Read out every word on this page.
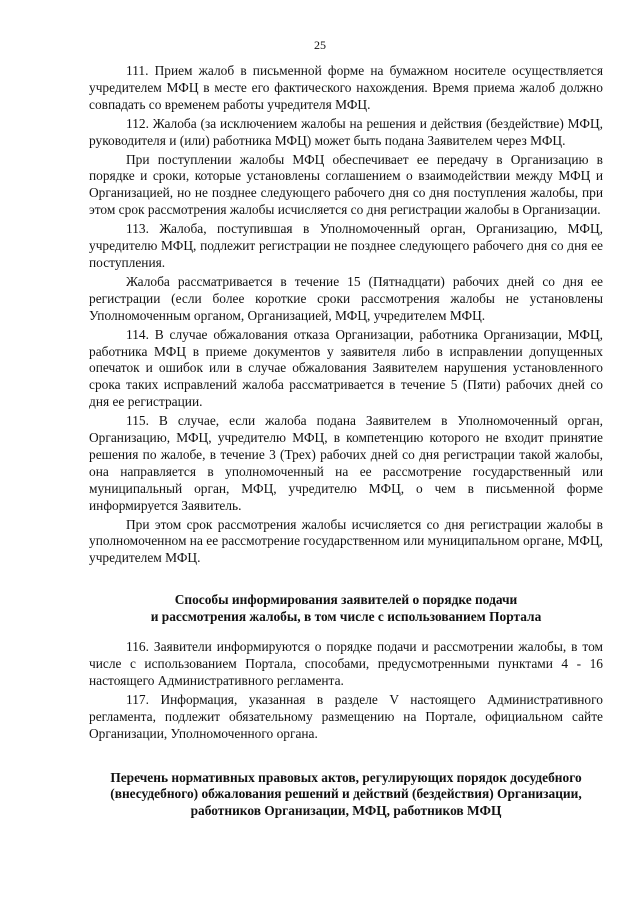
25

111. Прием жалоб в письменной форме на бумажном носителе осуществляется учредителем МФЦ в месте его фактического нахождения. Время приема жалоб должно совпадать со временем работы учредителя МФЦ.

112. Жалоба (за исключением жалобы на решения и действия (бездействие) МФЦ, руководителя и (или) работника МФЦ) может быть подана Заявителем через МФЦ.

При поступлении жалобы МФЦ обеспечивает ее передачу в Организацию в порядке и сроки, которые установлены соглашением о взаимодействии между МФЦ и Организацией, но не позднее следующего рабочего дня со дня поступления жалобы, при этом срок рассмотрения жалобы исчисляется со дня регистрации жалобы в Организации.

113. Жалоба, поступившая в Уполномоченный орган, Организацию, МФЦ, учредителю МФЦ, подлежит регистрации не позднее следующего рабочего дня со дня ее поступления.

Жалоба рассматривается в течение 15 (Пятнадцати) рабочих дней со дня ее регистрации (если более короткие сроки рассмотрения жалобы не установлены Уполномоченным органом, Организацией, МФЦ, учредителем МФЦ.

114. В случае обжалования отказа Организации, работника Организации, МФЦ, работника МФЦ в приеме документов у заявителя либо в исправлении допущенных опечаток и ошибок или в случае обжалования Заявителем нарушения установленного срока таких исправлений жалоба рассматривается в течение 5 (Пяти) рабочих дней со дня ее регистрации.

115. В случае, если жалоба подана Заявителем в Уполномоченный орган, Организацию, МФЦ, учредителю МФЦ, в компетенцию которого не входит принятие решения по жалобе, в течение 3 (Трех) рабочих дней со дня регистрации такой жалобы, она направляется в уполномоченный на ее рассмотрение государственный или муниципальный орган, МФЦ, учредителю МФЦ, о чем в письменной форме информируется Заявитель.

При этом срок рассмотрения жалобы исчисляется со дня регистрации жалобы в уполномоченном на ее рассмотрение государственном или муниципальном органе, МФЦ, учредителем МФЦ.

Способы информирования заявителей о порядке подачи
и рассмотрения жалобы, в том числе с использованием Портала

116. Заявители информируются о порядке подачи и рассмотрении жалобы, в том числе с использованием Портала, способами, предусмотренными пунктами 4 - 16 настоящего Административного регламента.

117. Информация, указанная в разделе V настоящего Административного регламента, подлежит обязательному размещению на Портале, официальном сайте Организации, Уполномоченного органа.

Перечень нормативных правовых актов, регулирующих порядок досудебного
(внесудебного) обжалования решений и действий (бездействия) Организации,
работников Организации, МФЦ, работников МФЦ
